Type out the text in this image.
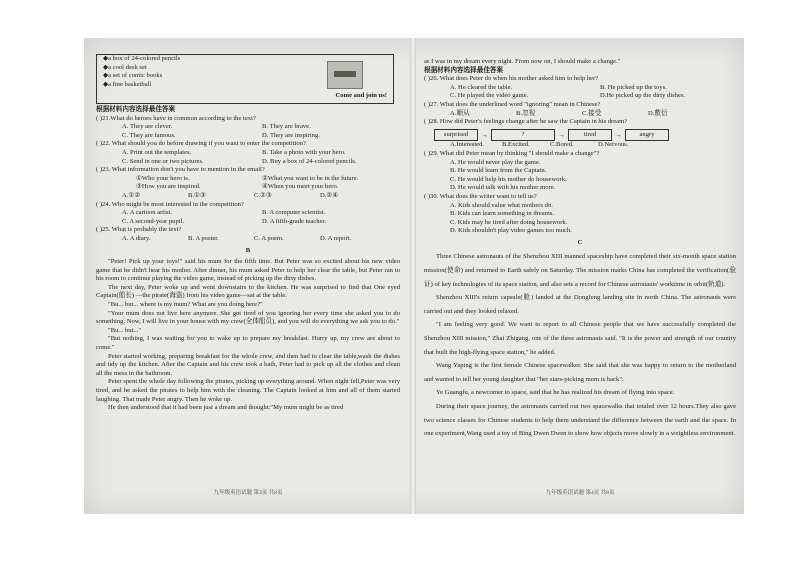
◆a box of 24-colored pencils
◆a cool desk set
◆a set of comic books
◆a fine basketball
Come and join us!
根据材料内容选择最佳答案
( )21.What do heroes have in common according to the text?
A. They are clever.	B. They are brave.
C. They are famous.	D. They are inspiring.
( )22. What should you do before drawing if you want to enter the competition?
A. Print out the templates.	B. Take a photo with your hero.
C. Send in one or two pictures.	D. Buy a box of 24-colored pencils.
( )23. What information don't you have to mention in the email?
①Who your hero is.	②What you want to be in the future.
③How you are inspired.	④When you meet your hero.
A.①②	B.①③	C.②③	D.②④
( )24. Who might be most interested in the competition?
A. A cartoon artist.	B. A computer scientist.
C. A second-year pupil.	D. A fifth-grade teacher.
( )25. What is probably the text?
A. A diary.	B. A poster.	C. A poem.	D. A report.
B

"Peter! Pick up your toys!" said his mum for the fifth time. But Peter was so excited about his new video game that he didn't hear his mother. After dinner, his mum asked Peter to help her clear the table, but Peter ran to his room to continue playing the video game, instead of picking up the dirty dishes.

The next day, Peter woke up and went downstairs to the kitchen. He was surprised to find that One eyed Captain(船长) —the pirate(海盗) from his video game—sat at the table.

"Bu... but... where is my mum? What are you doing here?"

"Your mum does not live here anymore. She got tired of you ignoring her every time she asked you to do something. Now, I will live in your house with my crew(全体船员), and you will do everything we ask you to do."

"Bu... but..."

"But nothing, I was waiting for you to wake up to prepare my breakfast. Hurry up, my crew are about to come."

Peter started working, preparing breakfast for the whole crew, and then had to clear the table,wash the dishes and tidy up the kitchen. After the Captain and his crew took a bath, Peter had to pick up all the clothes and clean all the mess in the bathroom.

Peter spent the whole day following the pirates, picking up everything around. When night fell,Peter was very tired, and he asked the pirates to help him with the cleaning. The Captain looked at him and all of them started laughing. That made Peter angry. Then he woke up.

He then understood that it had been just a dream and thought:"My mum might be as tired

九年级英语试题 第3页 共8页
as I was in my dream every night. From now on, I should make a change."
根据材料内容选择最佳答案
( )26. What does Peter do when his mother asked him to help her?
A. He cleared the table.	B. He picked up the toys.
C. He played the video game.	D.He picked up the dirty dishes.
( )27. What does the underlined word "ignoring" mean in Chinese?
A.顺从	B.忽视	C.接受	D.敷衍
( )28. How did Peter's feelings change after he saw the Captain in his dream?
surprised	→	?	→	tired	→	angry
A.Interested.	B.Excited.	C.Bored.	D.Nervous.
( )29. What did Peter mean by thinking "I should make a change"?
A. He would never play the game.
B. He would learn from the Captain.
C. He would help his mother do housework.
D. He would talk with his mother more.
( )30. What does the writer want to tell us?
A. Kids should value what mothers do.
B. Kids can learn something in dreams.
C. Kids may be tired after doing housework.
D. Kids shouldn't play video games too much.
C

Three Chinese astronauts of the Shenzhou XIII manned spaceship have completed their six-month space station mission(使命) and returned to Earth safely on Saturday. The mission marks China has completed the verification(验证) of key technologies of its space station, and also sets a record for Chinese astronauts' worktime in orbit(轨道).

Shenzhou XIII's return capsule(舱) landed at the Dongfeng landing site in north China. The astronauts were carried out and they looked relaxed.

"I am feeling very good. We want to report to all Chinese people that we have successfully completed the Shenzhou XIII mission," Zhai Zhigang, one of the three astronauts said. "It is the power and strength of our country that built the high-flying space station," he added.

Wang Yaping is the first female Chinese spacewalker. She said that she was happy to return to the motherland and wanted to tell her young daughter that "her stars-picking mom is back".

Ye Guangfu, a newcomer to space, said that he has realized his dream of flying into space.

During their space journey, the astronauts carried out two spacewalks that totaled over 12 hours.They also gave two science classes for Chinese students to help them understand the difference between the earth and the space. In one experiment,Wang used a toy of Bing Dwen Dwen to show how objects move slowly in a weightless environment.

九年级英语试题 第4页 共8页
